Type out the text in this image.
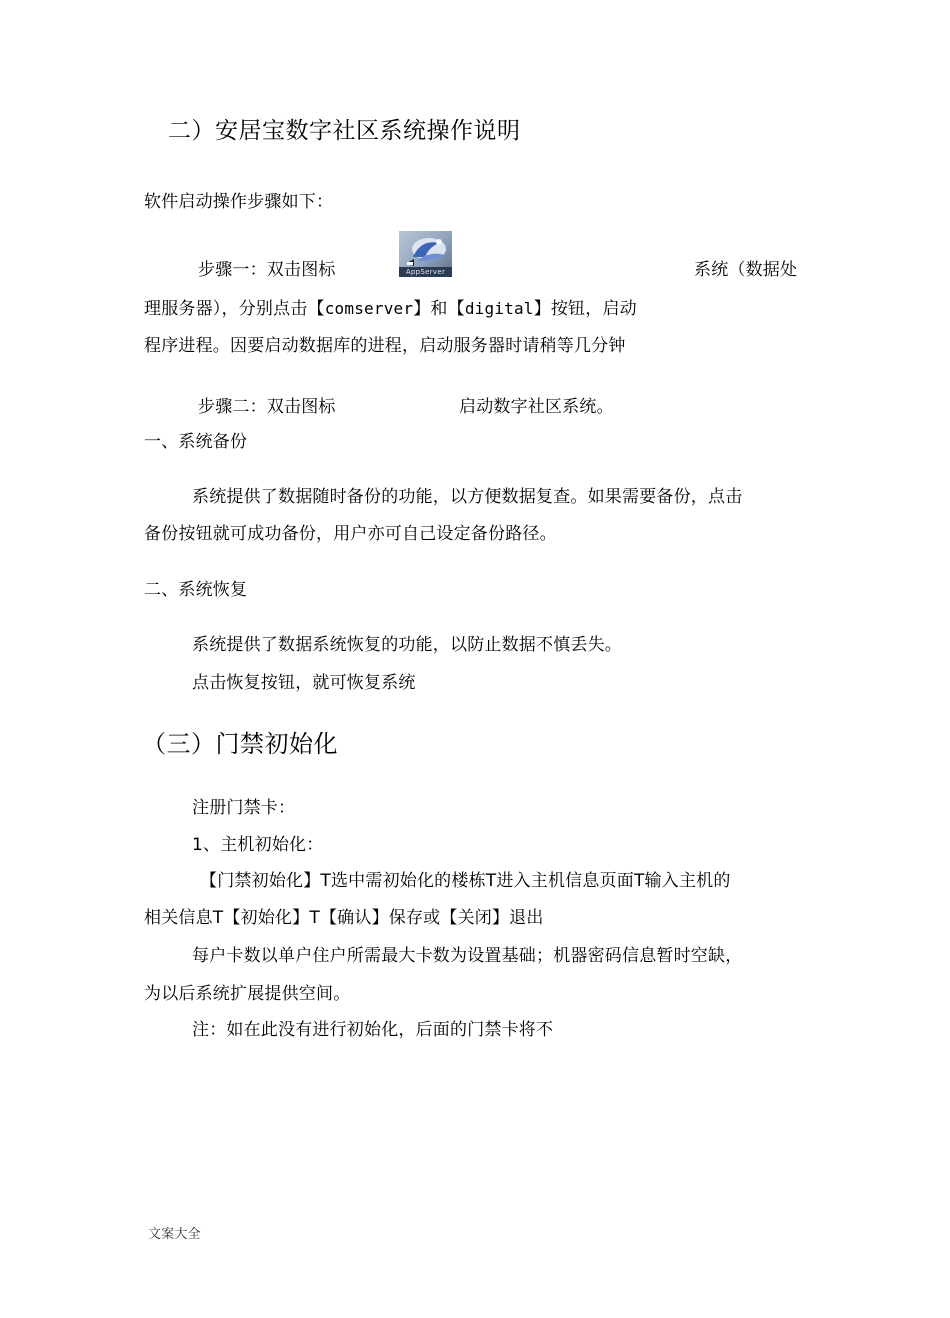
二）安居宝数字社区系统操作说明
软件启动操作步骤如下：
步骤一：双击图标	AppServer	系统（数据处
理服务器），分别点击【comserver】和【digital】按钮，启动
程序进程。因要启动数据库的进程，启动服务器时请稍等几分钟
步骤二：双击图标	启动数字社区系统。
一、系统备份
系统提供了数据随时备份的功能，以方便数据复查。如果需要备份，点击
备份按钮就可成功备份，用户亦可自己设定备份路径。
二、系统恢复
系统提供了数据系统恢复的功能，以防止数据不慎丢失。
点击恢复按钮，就可恢复系统
（三）门禁初始化
注册门禁卡：
1、主机初始化：
【门禁初始化】T选中需初始化的楼栋T进入主机信息页面T输入主机的
相关信息T【初始化】T【确认】保存或【关闭】退出
每户卡数以单户住户所需最大卡数为设置基础；机器密码信息暂时空缺，
为以后系统扩展提供空间。
注：如在此没有进行初始化，后面的门禁卡将不
文案大全
